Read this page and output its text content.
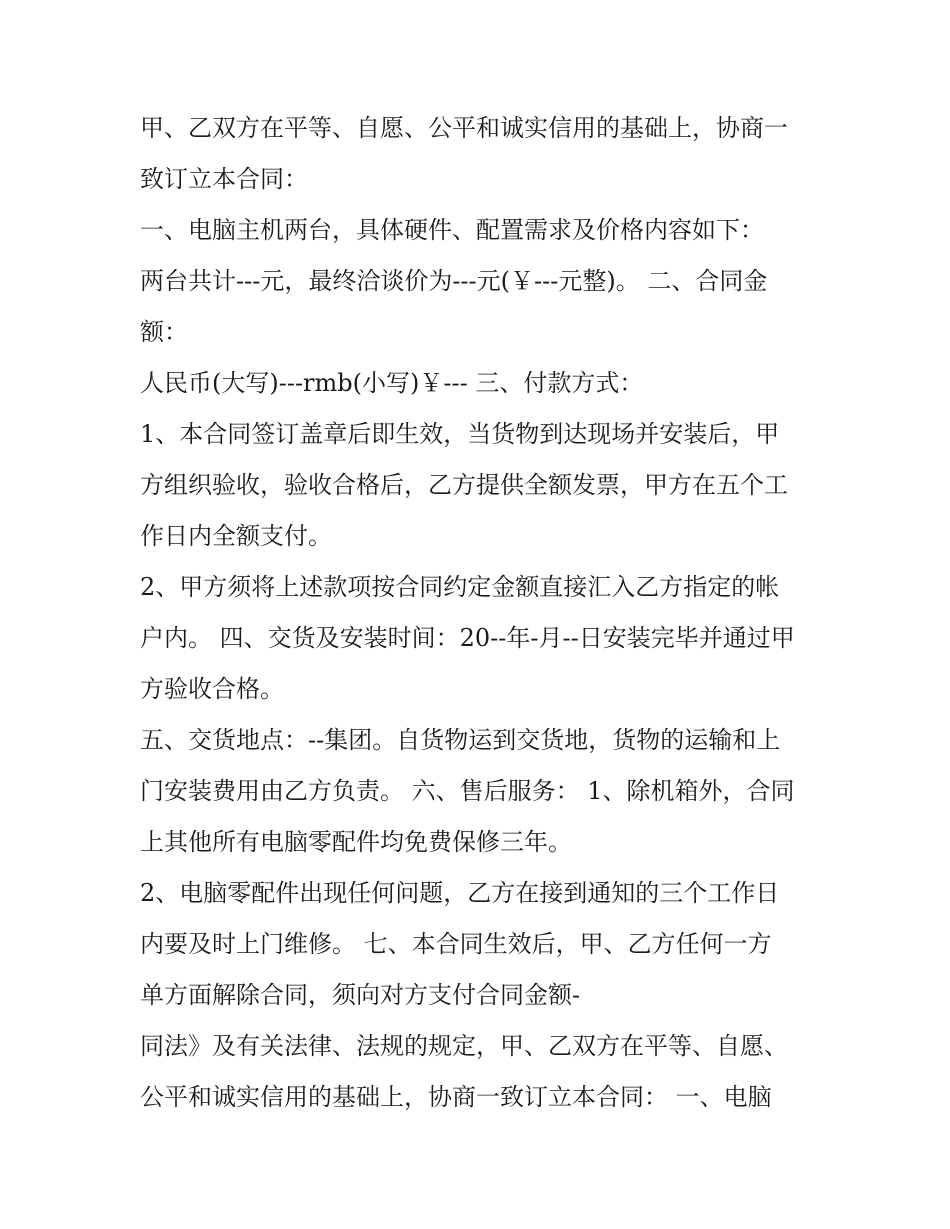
甲、乙双方在平等、自愿、公平和诚实信用的基础上，协商一
致订立本合同：
一、电脑主机两台，具体硬件、配置需求及价格内容如下：
两台共计---元，最终洽谈价为---元(￥---元整)。 二、合同金
额：
人民币(大写)---rmb(小写)￥--- 三、付款方式：
1、本合同签订盖章后即生效，当货物到达现场并安装后，甲
方组织验收，验收合格后，乙方提供全额发票，甲方在五个工
作日内全额支付。
2、甲方须将上述款项按合同约定金额直接汇入乙方指定的帐
户内。 四、交货及安装时间：20--年-月--日安装完毕并通过甲
方验收合格。
五、交货地点：--集团。自货物运到交货地，货物的运输和上
门安装费用由乙方负责。 六、售后服务： 1、除机箱外，合同
上其他所有电脑零配件均免费保修三年。
2、电脑零配件出现任何问题，乙方在接到通知的三个工作日
内要及时上门维修。 七、本合同生效后，甲、乙方任何一方
单方面解除合同，须向对方支付合同金额-
同法》及有关法律、法规的规定，甲、乙双方在平等、自愿、
公平和诚实信用的基础上，协商一致订立本合同： 一、电脑
